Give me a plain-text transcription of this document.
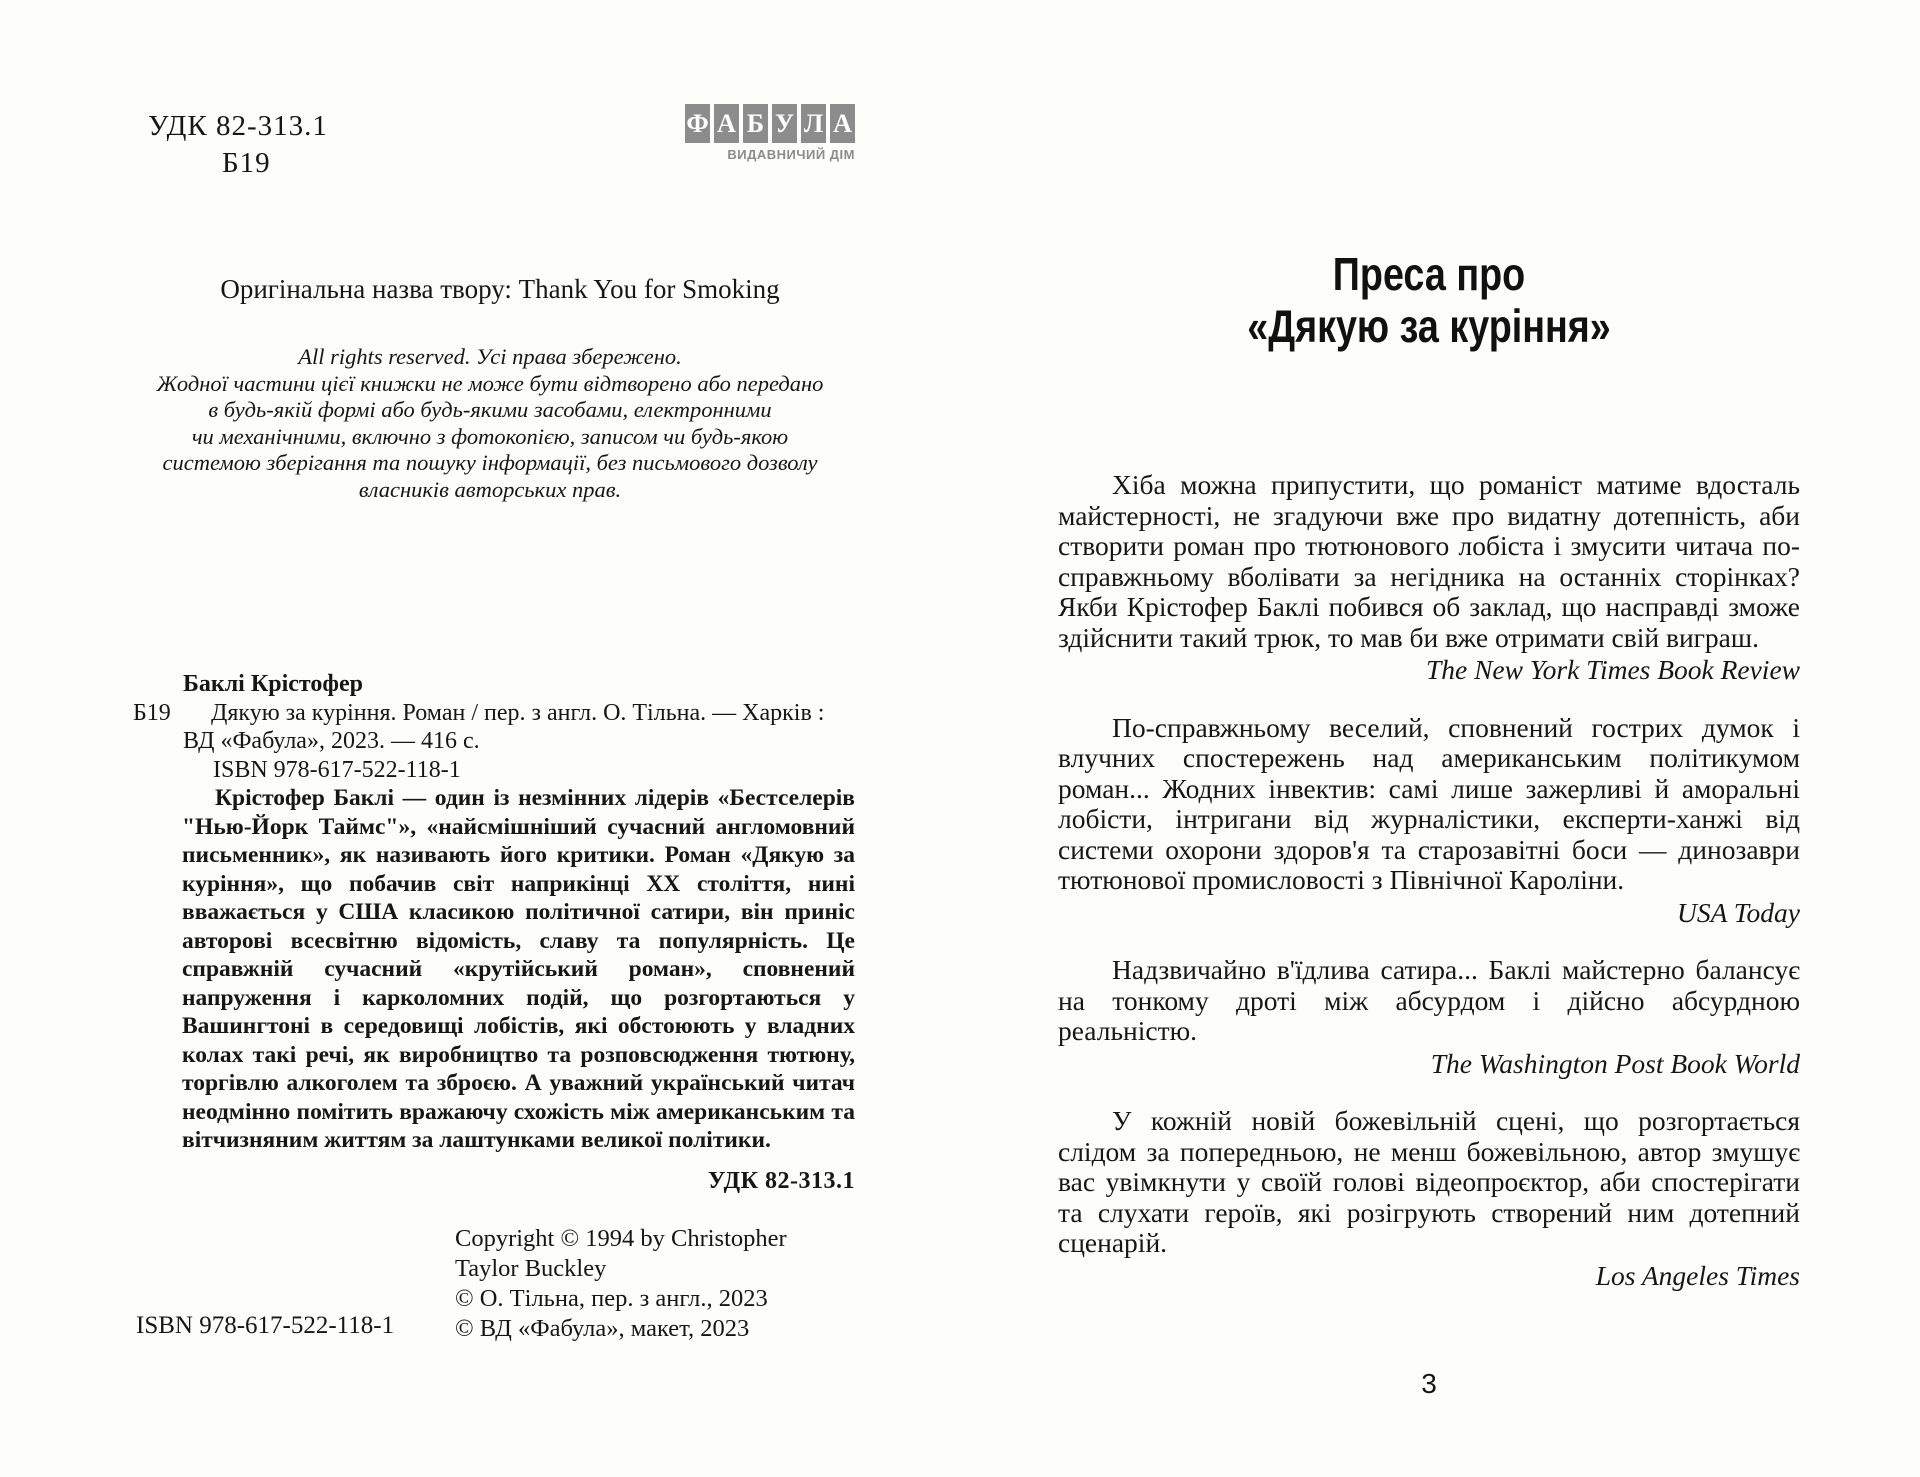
УДК 82-313.1
Б19
Ф А Б У Л А
ВИДАВНИЧИЙ ДІМ
Оригінальна назва твору: Thank You for Smoking
All rights reserved. Усі права збережено.
Жодної частини цієї книжки не може бути відтворено або передано
в будь-якій формі або будь-якими засобами, електронними
чи механічними, включно з фотокопією, записом чи будь-якою
системою зберігання та пошуку інформації, без письмового дозволу
власників авторських прав.
Баклі Крістофер

Б19 Дякую за куріння. Роман / пер. з англ. О. Тільна. — Харків : ВД «Фабула», 2023. — 416 с.

ISBN 978-617-522-118-1

Крістофер Баклі — один із незмінних лідерів «Бестселерів "Нью-Йорк Таймс"», «найсмішніший сучасний англомовний письменник», як називають його критики. Роман «Дякую за куріння», що побачив світ наприкінці XX століття, нині вважається у США класикою політичної сатири, він приніс авторові всесвітню відомість, славу та популярність. Це справжній сучасний «крутійський роман», сповнений напруження і карколомних подій, що розгортаються у Вашингтоні в середовищі лобістів, які обстоюють у владних колах такі речі, як виробництво та розповсюдження тютюну, торгівлю алкоголем та зброєю. А уважний український читач неодмінно помітить вражаючу схожість між американським та вітчизняним життям за лаштунками великої політики.

УДК 82-313.1
ISBN 978-617-522-118-1
Copyright © 1994 by Christopher
Taylor Buckley
© О. Тільна, пер. з англ., 2023
© ВД «Фабула», макет, 2023
Преса про
«Дякую за куріння»

Хіба можна припустити, що романіст матиме вдосталь майстерності, не згадуючи вже про видатну дотепність, аби створити роман про тютюнового лобіста і змусити читача по-справжньому вболівати за негідника на останніх сторінках? Якби Крістофер Баклі побився об заклад, що насправді зможе здійснити такий трюк, то мав би вже отримати свій виграш.

The New York Times Book Review

По-справжньому веселий, сповнений гострих думок і влучних спостережень над американським політикумом роман... Жодних інвектив: самі лише зажерливі й аморальні лобісти, інтригани від журналістики, експерти-ханжі від системи охорони здоров'я та старозавітні боси — динозаври тютюнової промисловості з Північної Кароліни.

USA Today

Надзвичайно в'їдлива сатира... Баклі майстерно балансує на тонкому дроті між абсурдом і дійсно абсурдною реальністю.

The Washington Post Book World

У кожній новій божевільній сцені, що розгортається слідом за попередньою, не менш божевільною, автор змушує вас увімкнути у своїй голові відеопроєктор, аби спостерігати та слухати героїв, які розігрують створений ним дотепний сценарій.

Los Angeles Times
3
